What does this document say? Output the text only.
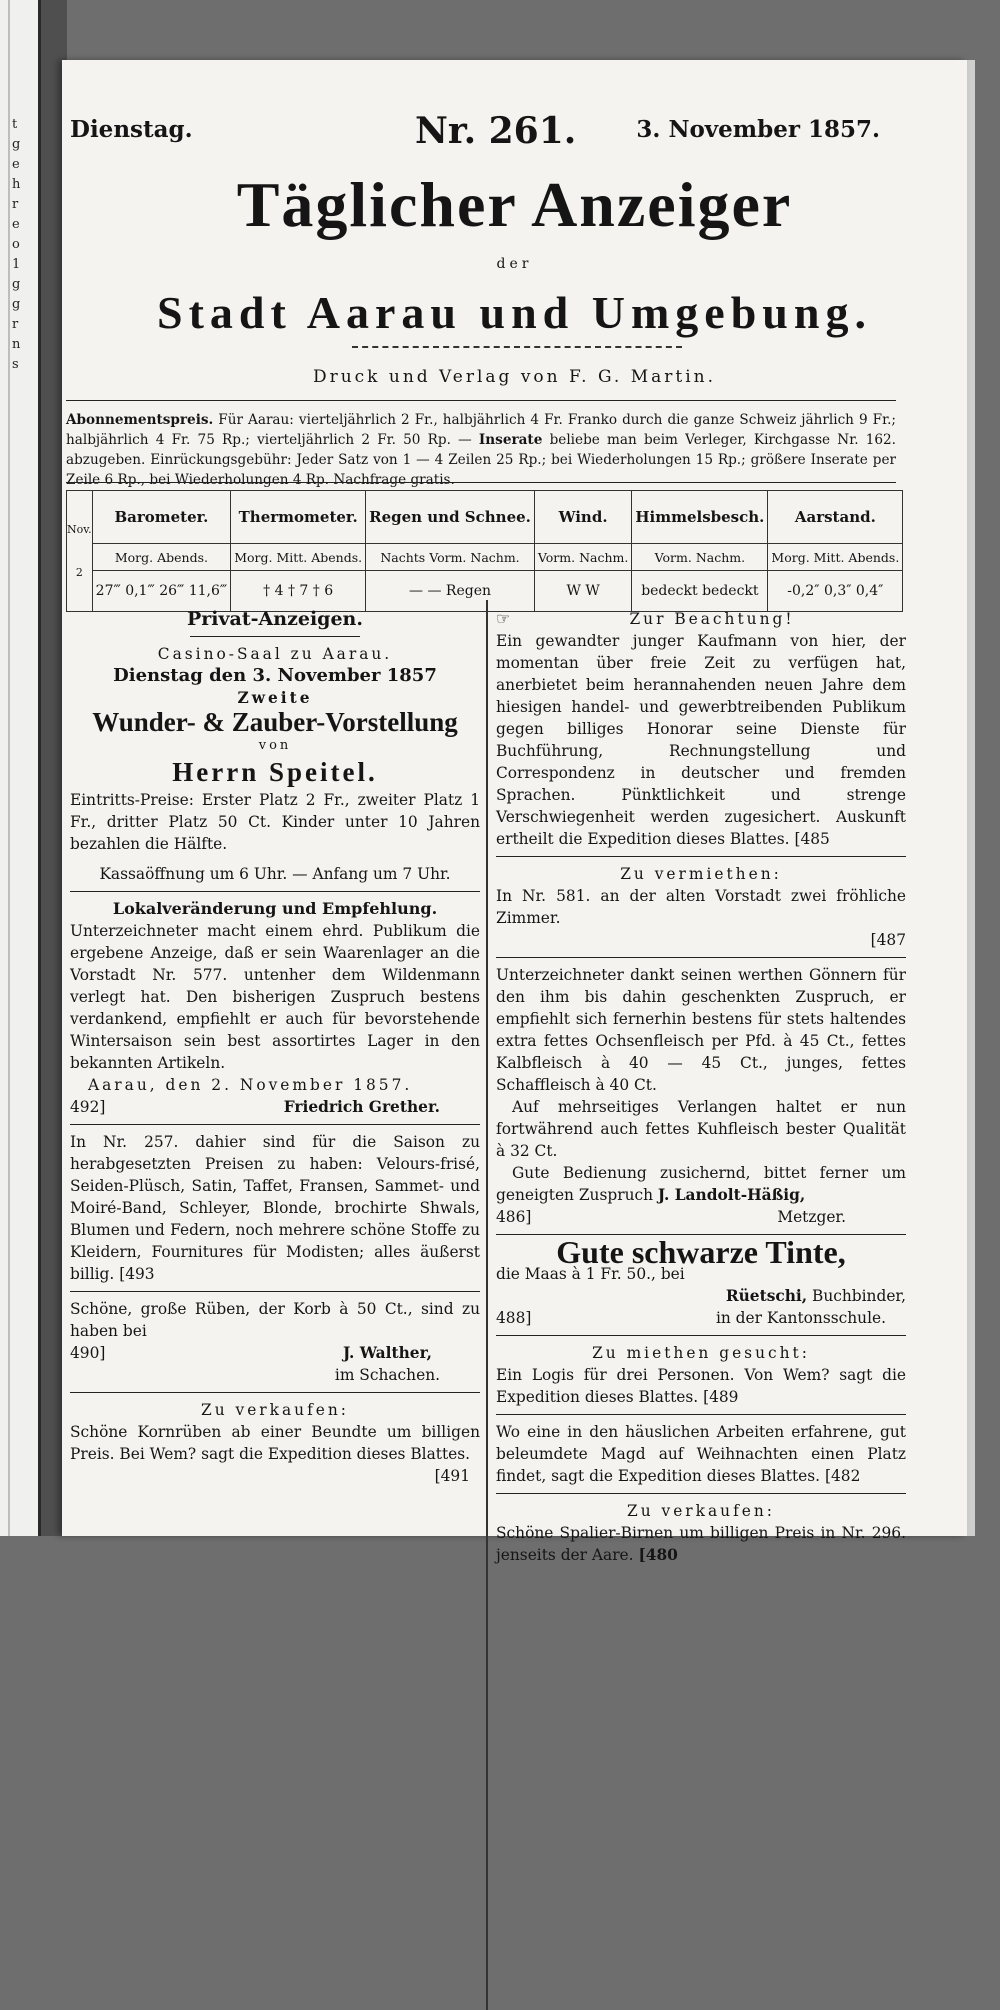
t
g
e
h
r
e
o
1
g
g
r
n
s
Dienstag.	Nr. 261.	3. November 1857.
Täglicher Anzeiger
der
Stadt Aarau und Umgebung.
Druck und Verlag von F. G. Martin.
Abonnementspreis. Für Aarau: vierteljährlich 2 Fr., halbjährlich 4 Fr. Franko durch die ganze Schweiz jährlich 9 Fr.; halbjährlich 4 Fr. 75 Rp.; vierteljährlich 2 Fr. 50 Rp. — Inserate beliebe man beim Verleger, Kirchgasse Nr. 162. abzugeben. Einrückungsgebühr: Jeder Satz von 1 — 4 Zeilen 25 Rp.; bei Wiederholungen 15 Rp.; größere Inserate per Zeile 6 Rp., bei Wiederholungen 4 Rp. Nachfrage gratis.
Nov.
2	Barometer.	Thermometer.	Regen und Schnee.	Wind.	Himmelsbesch.	Aarstand.
	Morg. Abends.	Morg. Mitt. Abends.	Nachts Vorm. Nachm.	Vorm. Nachm.	Vorm. Nachm.	Morg. Mitt. Abends.
	27‴ 0,1‴ 26‴ 11,6‴	† 4 † 7 † 6	— — Regen	W W	bedeckt bedeckt	-0,2″ 0,3″ 0,4″
Privat-Anzeigen.
Casino-Saal zu Aarau.
Dienstag den 3. November 1857
Zweite
Wunder- & Zauber-Vorstellung
von
Herrn Speitel.
Eintritts-Preise: Erster Platz 2 Fr., zweiter Platz 1 Fr., dritter Platz 50 Ct. Kinder unter 10 Jahren bezahlen die Hälfte.
Kassaöffnung um 6 Uhr. — Anfang um 7 Uhr.
Lokalveränderung und Empfehlung.
Unterzeichneter macht einem ehrd. Publikum die ergebene Anzeige, daß er sein Waarenlager an die Vorstadt Nr. 577. untenher dem Wildenmann verlegt hat. Den bisherigen Zuspruch bestens verdankend, empfiehlt er auch für bevorstehende Wintersaison sein best assortirtes Lager in den bekannten Artikeln.
Aarau, den 2. November 1857.
492]	Friedrich Grether.
In Nr. 257. dahier sind für die Saison zu herabgesetzten Preisen zu haben: Velours-frisé, Seiden-Plüsch, Satin, Taffet, Fransen, Sammet- und Moiré-Band, Schleyer, Blonde, brochirte Shwals, Blumen und Federn, noch mehrere schöne Stoffe zu Kleidern, Fournitures für Modisten; alles äußerst billig. [493
Schöne, große Rüben, der Korb à 50 Ct., sind zu haben bei
490]	J. Walther,
im Schachen.
Zu verkaufen:
Schöne Kornrüben ab einer Beundte um billigen Preis. Bei Wem? sagt die Expedition dieses Blattes.
[491
☞	Zur Beachtung!
Ein gewandter junger Kaufmann von hier, der momentan über freie Zeit zu verfügen hat, anerbietet beim herannahenden neuen Jahre dem hiesigen handel- und gewerbtreibenden Publikum gegen billiges Honorar seine Dienste für Buchführung, Rechnungstellung und Correspondenz in deutscher und fremden Sprachen. Pünktlichkeit und strenge Verschwiegenheit werden zugesichert. Auskunft ertheilt die Expedition dieses Blattes. [485
Zu vermiethen:
In Nr. 581. an der alten Vorstadt zwei fröhliche Zimmer.
[487
Unterzeichneter dankt seinen werthen Gönnern für den ihm bis dahin geschenkten Zuspruch, er empfiehlt sich fernerhin bestens für stets haltendes extra fettes Ochsenfleisch per Pfd. à 45 Ct., fettes Kalbfleisch à 40 — 45 Ct., junges, fettes Schaffleisch à 40 Ct.
Auf mehrseitiges Verlangen haltet er nun fortwährend auch fettes Kuhfleisch bester Qualität à 32 Ct.
Gute Bedienung zusichernd, bittet ferner um geneigten Zuspruch J. Landolt-Häßig,
486]	Metzger.
Gute schwarze Tinte,
die Maas à 1 Fr. 50., bei
Rüetschi, Buchbinder,
488]	in der Kantonsschule.
Zu miethen gesucht:
Ein Logis für drei Personen. Von Wem? sagt die Expedition dieses Blattes. [489
Wo eine in den häuslichen Arbeiten erfahrene, gut beleumdete Magd auf Weihnachten einen Platz findet, sagt die Expedition dieses Blattes. [482
Zu verkaufen:
Schöne Spalier-Birnen um billigen Preis in Nr. 296. jenseits der Aare. [480
